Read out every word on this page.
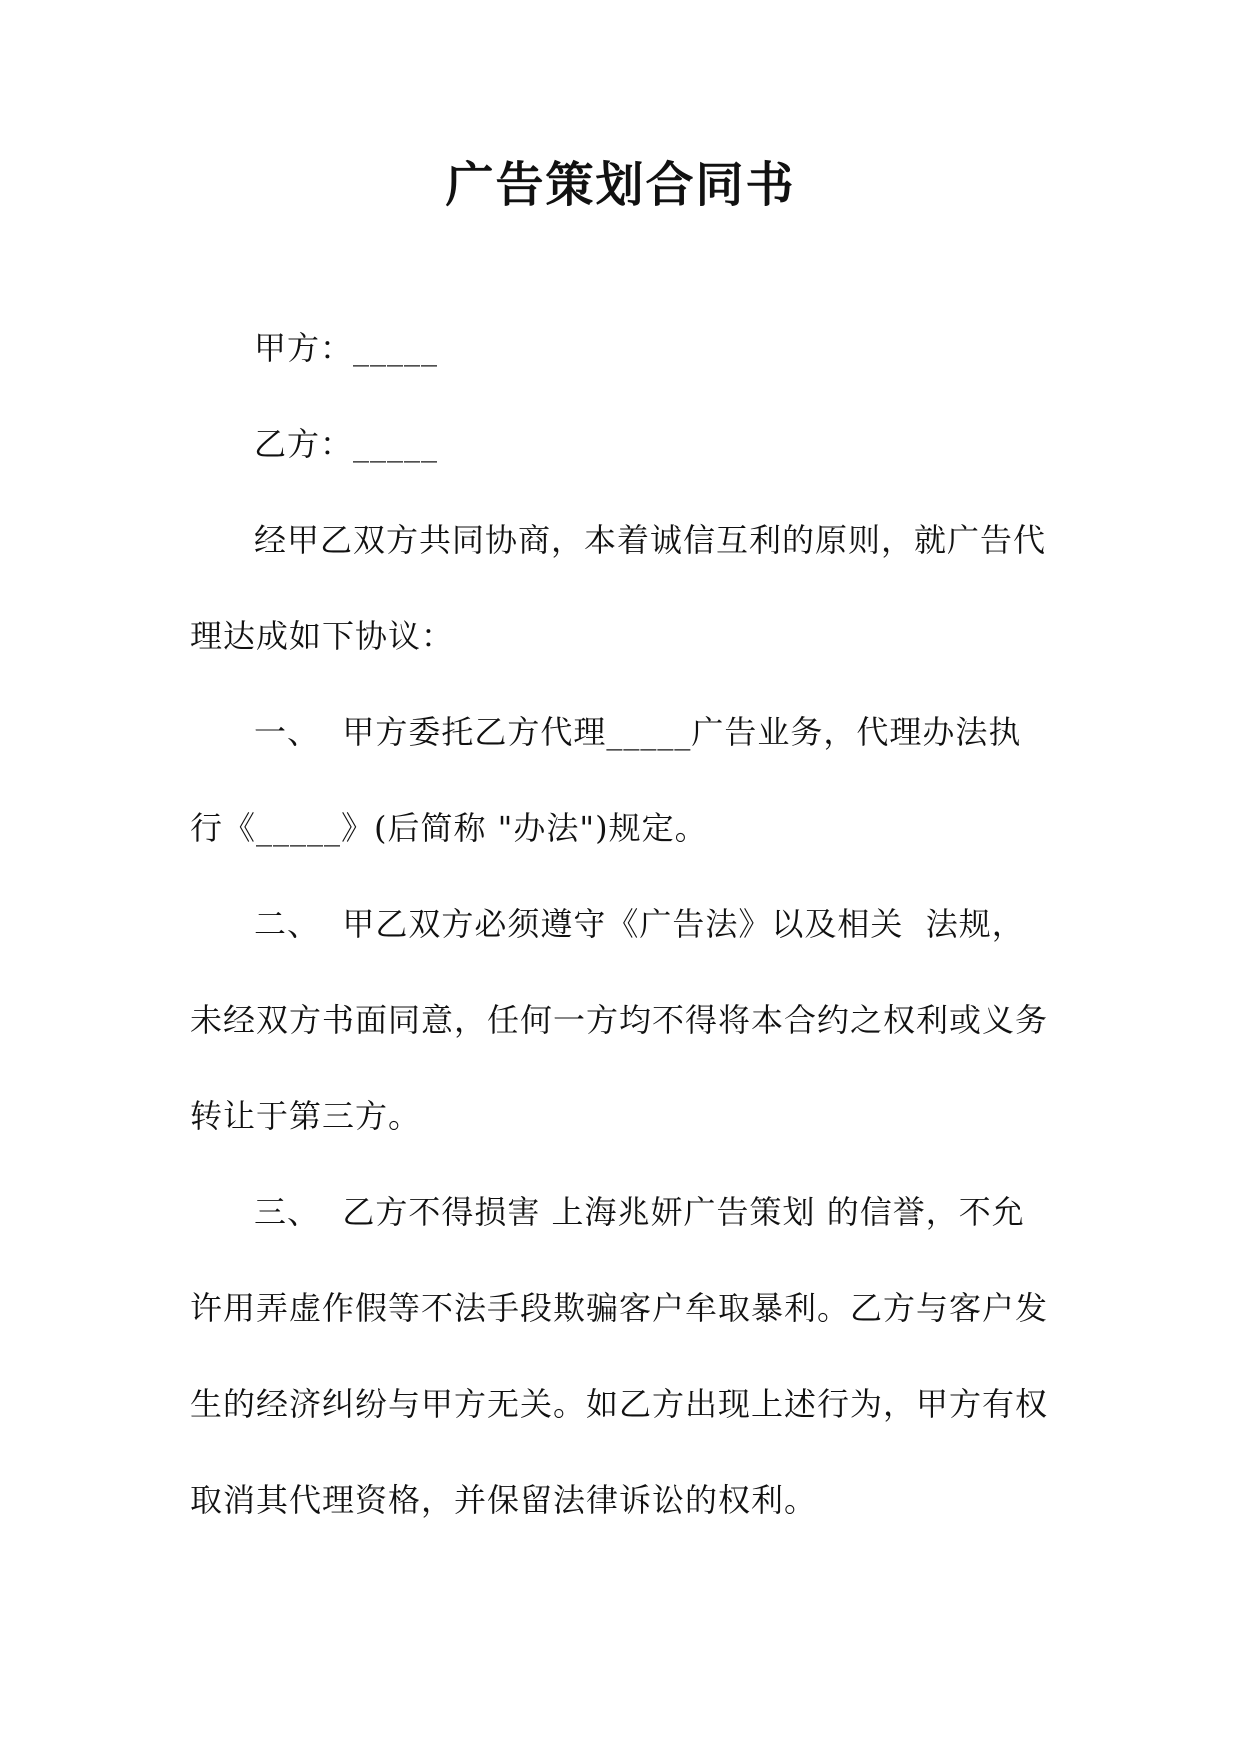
广告策划合同书

甲方：_____

乙方：_____

经甲乙双方共同协商，本着诚信互利的原则，就广告代理达成如下协议：

一、  甲方委托乙方代理_____广告业务，代理办法执行《_____》(后简称 "办法")规定。

二、  甲乙双方必须遵守《广告法》以及相关  法规，未经双方书面同意，任何一方均不得将本合约之权利或义务转让于第三方。

三、  乙方不得损害 上海兆妍广告策划 的信誉，不允许用弄虚作假等不法手段欺骗客户牟取暴利。乙方与客户发生的经济纠纷与甲方无关。如乙方出现上述行为，甲方有权取消其代理资格，并保留法律诉讼的权利。
